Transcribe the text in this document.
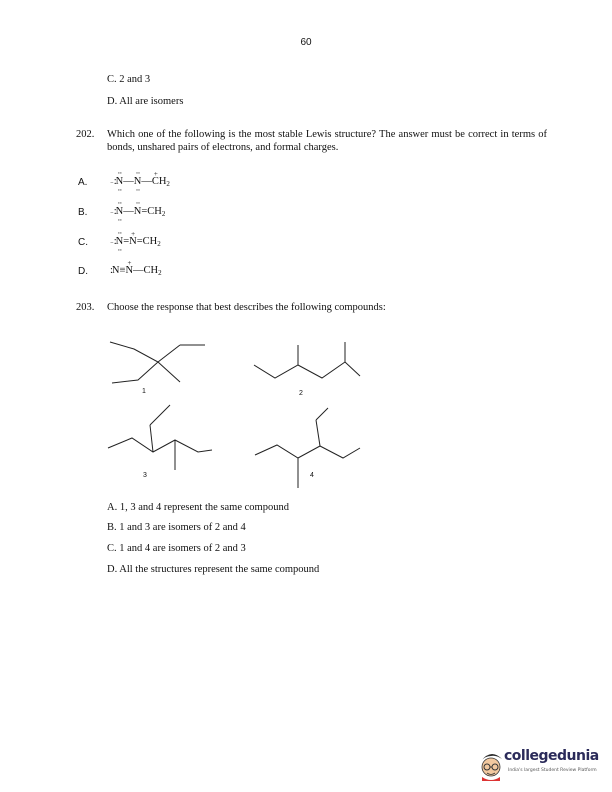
60
C. 2 and 3
D. All are isomers
202. Which one of the following is the most stable Lewis structure? The answer must be correct in terms of bonds, unshared pairs of electrons, and formal charges.
A.	⁻:·· N ··—·· N ··—C
+
H2
B.	⁻:·· N ··—·· N=CH2
C.	⁻:·· N ··=N
+
=CH2
D. :N≡N
+
—CH2
203. Choose the response that best describes the following compounds:
1	2
3	4
A. 1, 3 and 4 represent the same compound
B. 1 and 3 are isomers of 2 and 4
C. 1 and 4 are isomers of 2 and 3
D. All the structures represent the same compound
collegedunia
India's largest Student Review Platform
